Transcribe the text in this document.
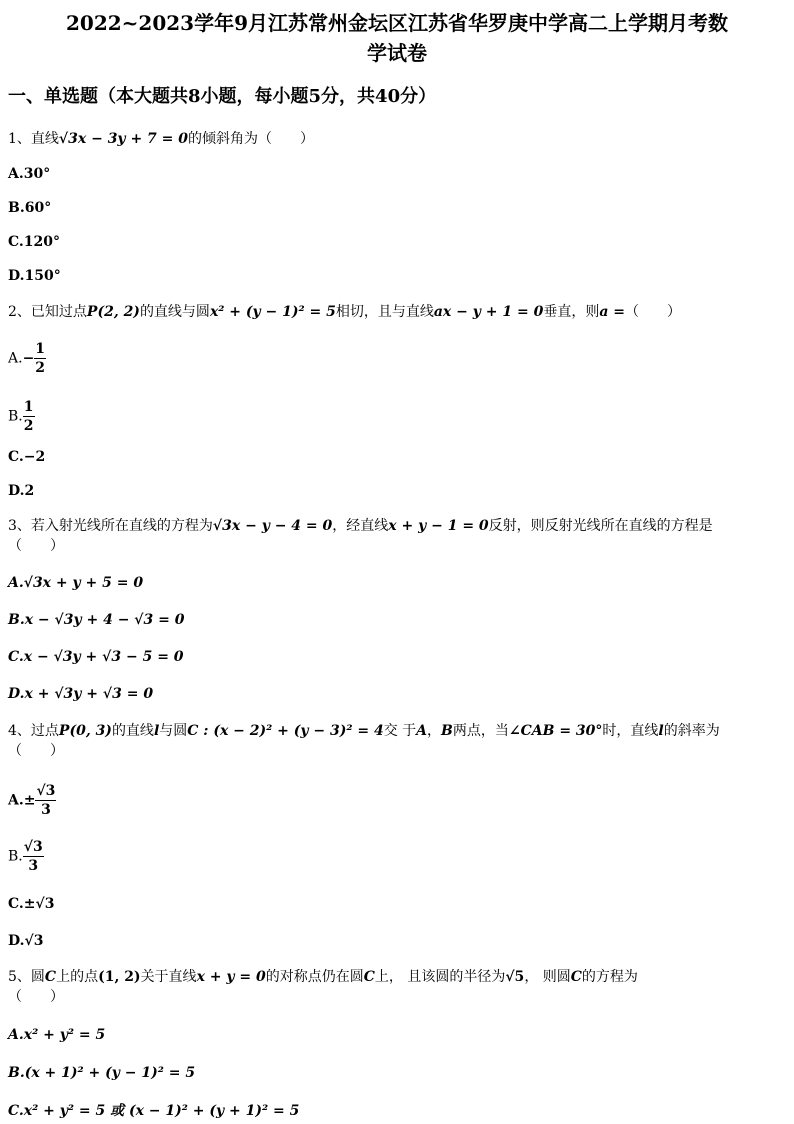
2022~2023学年9月江苏常州金坛区江苏省华罗庚中学高二上学期月考数
学试卷
一、单选题（本大题共8小题，每小题5分，共40分）
1、直线√3x − 3y + 7 = 0的倾斜角为（　　）
A.30°
B.60°
C.120°
D.150°
2、已知过点P(2, 2)的直线与圆x² + (y − 1)² = 5相切，且与直线ax − y + 1 = 0垂直，则a =（　　）
$A.- \frac{1}{2}$
B. $\frac{1}{2}$
C.−2
D.2
3、若入射光线所在直线的方程为√3x − y − 4 = 0，经直线x + y − 1 = 0反射，则反射光线所在直线的方程是
（　　）
A.√3x + y + 5 = 0
B.x − √3y + 4 − √3 = 0
C.x − √3y + √3 − 5 = 0
D.x + √3y + √3 = 0
4、过点P(0, 3)的直线l与圆C : (x − 2)² + (y − 3)² = 4交 于A，B两点，当∠CAB = 30°时，直线l的斜率为
（　　）
$A.\pm \frac{√3}{3}$
B. $\frac{√3}{3}$
C.±√3
D.√3
5、圆C上的点(1, 2)关于直线x + y = 0的对称点仍在圆C上， 且该圆的半径为√5， 则圆C的方程为
（　　）
A.x² + y² = 5
B.(x + 1)² + (y − 1)² = 5
C.x² + y² = 5 或 (x − 1)² + (y + 1)² = 5
